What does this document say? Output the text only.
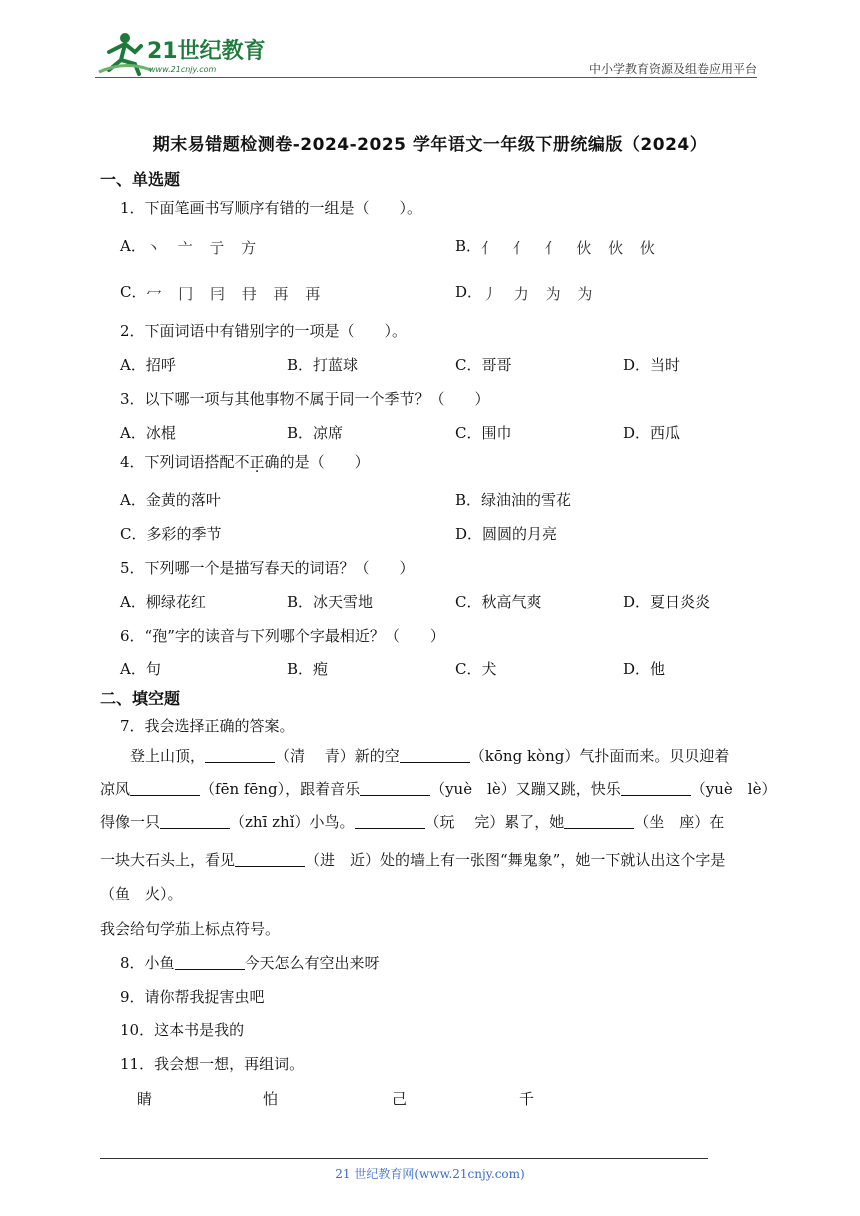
21世纪教育
www.21cnjy.com	中小学教育资源及组卷应用平台
期末易错题检测卷-2024-2025 学年语文一年级下册统编版（2024）
一、单选题
1．下面笔画书写顺序有错的一组是（　　）。
A．丶 亠 亍 方	B．亻 亻 亻 伙 伙 伙
C．冖 冂 冃 冄 再 再	D．丿 力 为 为
2．下面词语中有错别字的一项是（　　）。
A．招呼	B．打蓝球	C．哥哥	D．当时
3．以下哪一项与其他事物不属于同一个季节？（　　）
A．冰棍	B．凉席	C．围巾	D．西瓜
4．下列词语搭配不正确的是（　　）
A．金黄的落叶	B．绿油油的雪花
C．多彩的季节	D．圆圆的月亮
5．下列哪一个是描写春天的词语？（　　）
A．柳绿花红	B．冰天雪地	C．秋高气爽	D．夏日炎炎
6．“孢”字的读音与下列哪个字最相近？（　　）
A．句	B．疱	C．犬	D．他
二、填空题
7．我会选择正确的答案。
登上山顶，	（清　 青）新的空	（kōng kòng）气扑面而来。贝贝迎着
凉风	（fēn fēng），跟着音乐	（yuè　lè）又蹦又跳，快乐	（yuè　lè）
得像一只	（zhī zhǐ）小鸟。	（玩　 完）累了，她	（坐　座）在
一块大石头上，看见	（进　近）处的墙上有一张图“舞鬼象”，她一下就认出这个字是
（鱼　火）。
我会给句学茄上标点符号。
8．小鱼	今天怎么有空出来呀
9．请你帮我捉害虫吧
10．这本书是我的
11．我会想一想，再组词。
睛	怕	己	千
21 世纪教育网(www.21cnjy.com)
